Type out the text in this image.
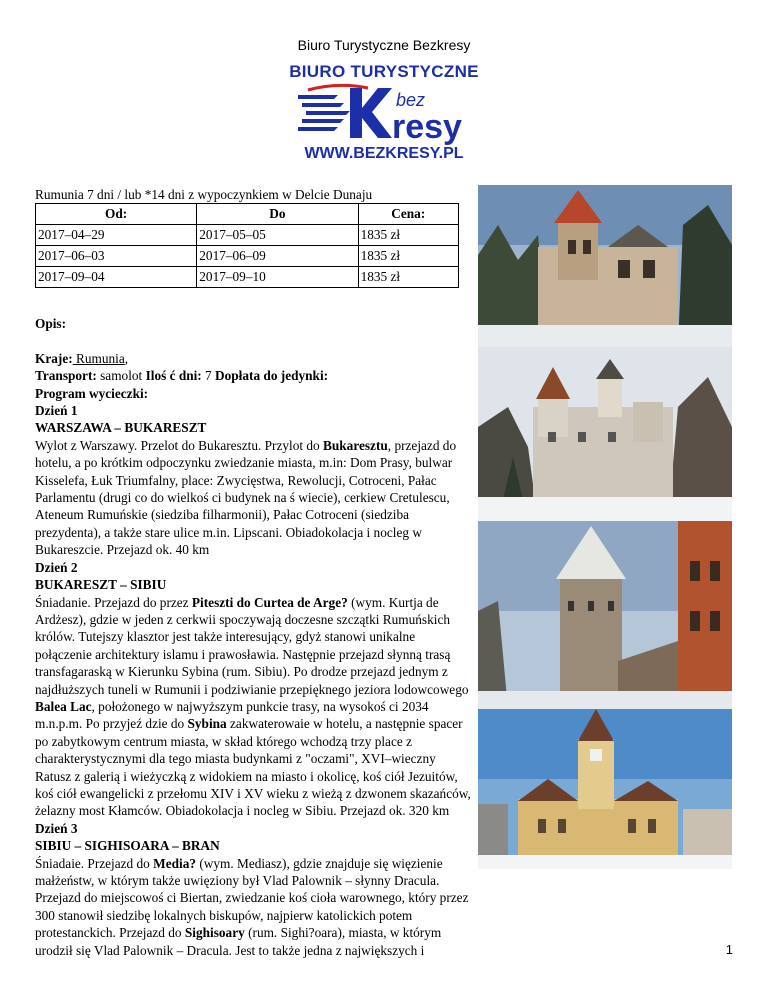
Biuro Turystyczne Bezkresy
BIURO TURYSTYCZNE
bez
resy
WWW.BEZKRESY.PL

Rumunia 7 dni / lub *14 dni z wypoczynkiem w Delcie Dunaju

Od:	Do	Cena:
2017–04–29	2017–05–05	1835 zł
2017–06–03	2017–06–09	1835 zł
2017–09–04	2017–09–10	1835 zł

Opis:

Kraje: Rumunia,

Transport: samolot Iloś ć dni: 7 Dopłata do jedynki:

Program wycieczki:

Dzień 1

WARSZAWA – BUKARESZT

Wylot z Warszawy. Przelot do Bukaresztu. Przylot do Bukaresztu, przejazd do hotelu, a po krótkim odpoczynku zwiedzanie miasta, m.in: Dom Prasy, bulwar Kisselefa, Łuk Triumfalny, place: Zwycięstwa, Rewolucji, Cotroceni, Pałac Parlamentu (drugi co do wielkoś ci budynek na ś wiecie), cerkiew Cretulescu, Ateneum Rumuńskie (siedziba filharmonii), Pałac Cotroceni (siedziba prezydenta), a także stare ulice m.in. Lipscani. Obiadokolacja i nocleg w Bukareszcie. Przejazd ok. 40 km

Dzień 2

BUKARESZT – SIBIU

Śniadanie. Przejazd do przez Piteszti do Curtea de Arge? (wym. Kurtja de Ardżesz), gdzie w jeden z cerkwii spoczywają doczesne szczątki Rumuńskich królów. Tutejszy klasztor jest także interesujący, gdyż stanowi unikalne połączenie architektury islamu i prawosławia. Następnie przejazd słynną trasą transfagaraską w Kierunku Sybina (rum. Sibiu). Po drodze przejazd jednym z najdłuższych tuneli w Rumunii i podziwianie przepięknego jeziora lodowcowego Balea Lac, położonego w najwyższym punkcie trasy, na wysokoś ci 2034 m.n.p.m. Po przyjeź dzie do Sybina zakwaterowaie w hotelu, a następnie spacer po zabytkowym centrum miasta, w skład którego wchodzą trzy place z charakterystycznymi dla tego miasta budynkami z "oczami", XVI–wieczny Ratusz z galerią i wieżyczką z widokiem na miasto i okolicę, koś ciół Jezuitów, koś ciół ewangelicki z przełomu XIV i XV wieku z wieżą z dzwonem skazańców, żelazny most Kłamców. Obiadokolacja i nocleg w Sibiu. Przejazd ok. 320 km

Dzień 3

SIBIU – SIGHISOARA – BRAN

Śniadaie. Przejazd do Media? (wym. Mediasz), gdzie znajduje się więzienie małżeństw, w którym także uwięziony był Vlad Palownik – słynny Dracula. Przejazd do miejscowoś ci Biertan, zwiedzanie koś cioła warownego, który przez 300 stanowił siedzibę lokalnych biskupów, najpierw katolickich potem protestanckich. Przejazd do Sighisoary (rum. Sighi?oara), miasta, w którym urodził się Vlad Palownik – Dracula. Jest to także jedna z największych i	1
